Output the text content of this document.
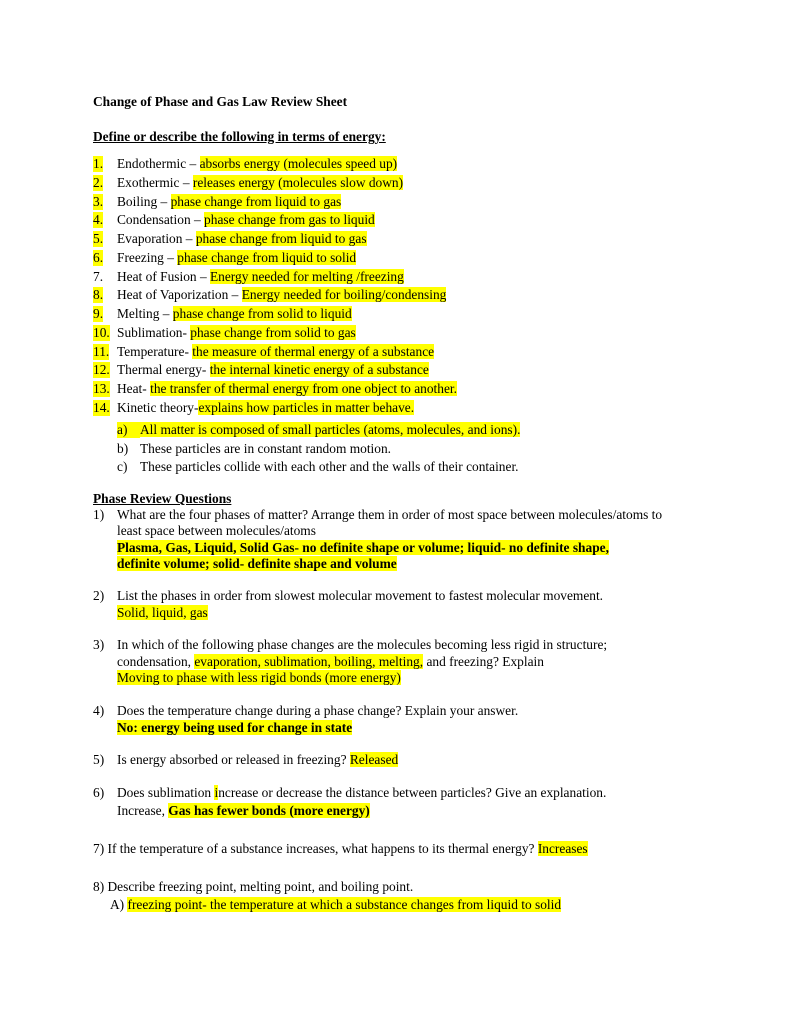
Change of Phase and Gas Law Review Sheet
Define or describe the following in terms of energy:
1. Endothermic – absorbs energy (molecules speed up)
2. Exothermic – releases energy (molecules slow down)
3. Boiling – phase change from liquid to gas
4. Condensation – phase change from gas to liquid
5. Evaporation – phase change from liquid to gas
6. Freezing – phase change from liquid to solid
7. Heat of Fusion – Energy needed for melting /freezing
8. Heat of Vaporization – Energy needed for boiling/condensing
9. Melting – phase change from solid to liquid
10. Sublimation- phase change from solid to gas
11. Temperature- the measure of thermal energy of a substance
12. Thermal energy- the internal kinetic energy of a substance
13. Heat- the transfer of thermal energy from one object to another.
14. Kinetic theory-explains how particles in matter behave.
a) All matter is composed of small particles (atoms, molecules, and ions).
b) These particles are in constant random motion.
c) These particles collide with each other and the walls of their container.
Phase Review Questions
1) What are the four phases of matter? Arrange them in order of most space between molecules/atoms to
least space between molecules/atoms
Plasma, Gas, Liquid, Solid Gas- no definite shape or volume; liquid- no definite shape,
definite volume; solid- definite shape and volume
2) List the phases in order from slowest molecular movement to fastest molecular movement.
Solid, liquid, gas
3) In which of the following phase changes are the molecules becoming less rigid in structure;
condensation, evaporation, sublimation, boiling, melting, and freezing? Explain
Moving to phase with less rigid bonds (more energy)
4) Does the temperature change during a phase change? Explain your answer.
No: energy being used for change in state
5) Is energy absorbed or released in freezing? Released
6) Does sublimation increase or decrease the distance between particles? Give an explanation.
Increase, Gas has fewer bonds (more energy)
7) If the temperature of a substance increases, what happens to its thermal energy? Increases
8) Describe freezing point, melting point, and boiling point.
A) freezing point- the temperature at which a substance changes from liquid to solid
